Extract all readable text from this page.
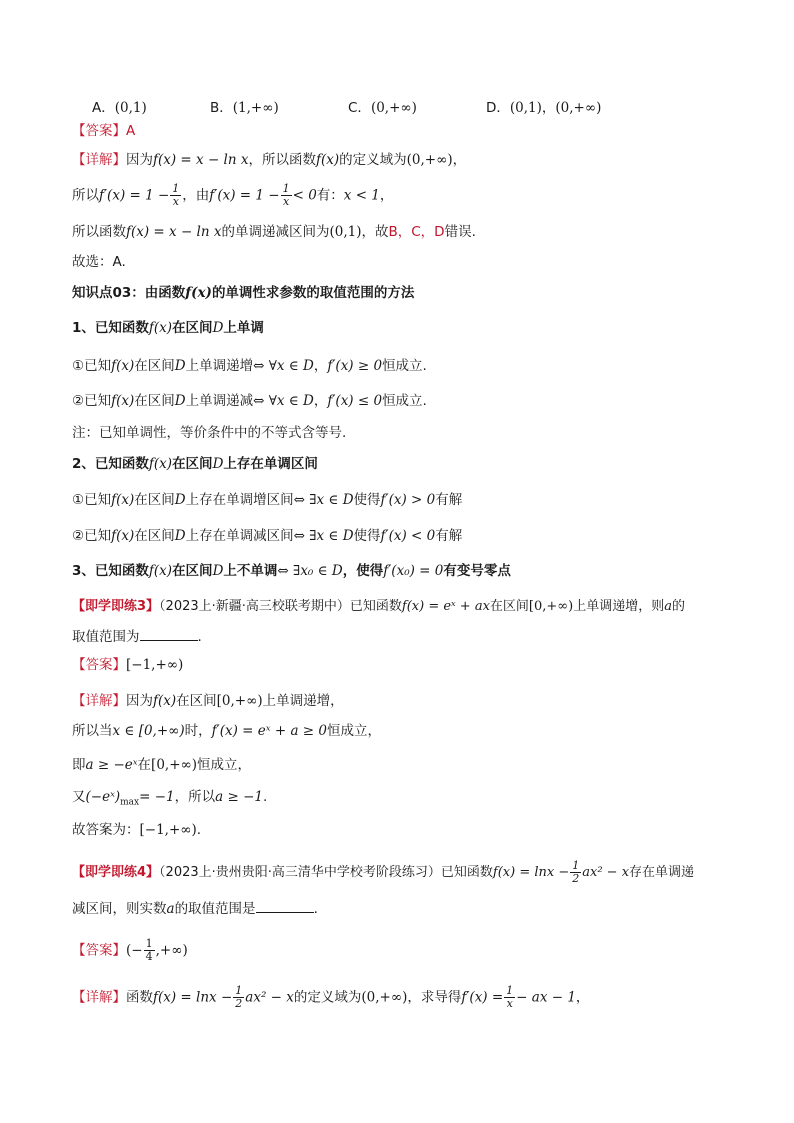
A．(0,1)	B．(1,+∞)	C．(0,+∞)	D．(0,1)，(0,+∞)
【答案】A
【详解】因为f(x) = x − ln x，所以函数f(x)的定义域为(0,+∞)，
所以$f'(x) = 1 - \frac{1}{x}$ ，由$f'(x) = 1 - \frac{1}{x} < 0$有：x < 1，
所以函数f(x) = x − ln x的单调递减区间为(0,1)，故B，C，D错误.
故选：A.
知识点03：由函数f(x)的单调性求参数的取值范围的方法
1、已知函数f(x)在区间D上单调
①已知f(x)在区间D上单调递增⇔ ∀x ∈ D，f′(x) ≥ 0恒成立.
②已知f(x)在区间D上单调递减⇔ ∀x ∈ D，f′(x) ≤ 0恒成立.
注：已知单调性，等价条件中的不等式含等号.
2、已知函数f(x)在区间D上存在单调区间
①已知f(x)在区间D上存在单调增区间⇔ ∃x ∈ D使得f′(x) > 0有解
②已知f(x)在区间D上存在单调减区间⇔ ∃x ∈ D使得f′(x) < 0有解
3、已知函数f(x)在区间D上不单调⇔ ∃x₀ ∈ D，使得f′(x₀) = 0有变号零点
【即学即练3】（2023上·新疆·高三校联考期中）已知函数f(x) = eˣ + ax在区间[0,+∞)上单调递增，则a的
取值范围为	.
【答案】[−1,+∞)
【详解】因为f(x)在区间[0,+∞)上单调递增，
所以当x ∈ [0,+∞)时，f′(x) = eˣ + a ≥ 0恒成立，
即a ≥ −eˣ在[0,+∞)恒成立，
又$(-eˣ)_{max}= -1$，所以a ≥ −1.
故答案为：[−1,+∞).
【即学即练4】（2023上·贵州贵阳·高三清华中学校考阶段练习）已知函数$f(x) = \ln x - \frac{1}{2} ax^2 - x$存在单调递
减区间，则实数a的取值范围是	.
【答案】(− $\frac{1}{4}$ ,+∞)
【详解】函数$f(x) = \ln x - \frac{1}{2} ax^2 - x$的定义域为(0,+∞)，求导得$f'(x) = \frac{1}{x}$ − ax − 1，
